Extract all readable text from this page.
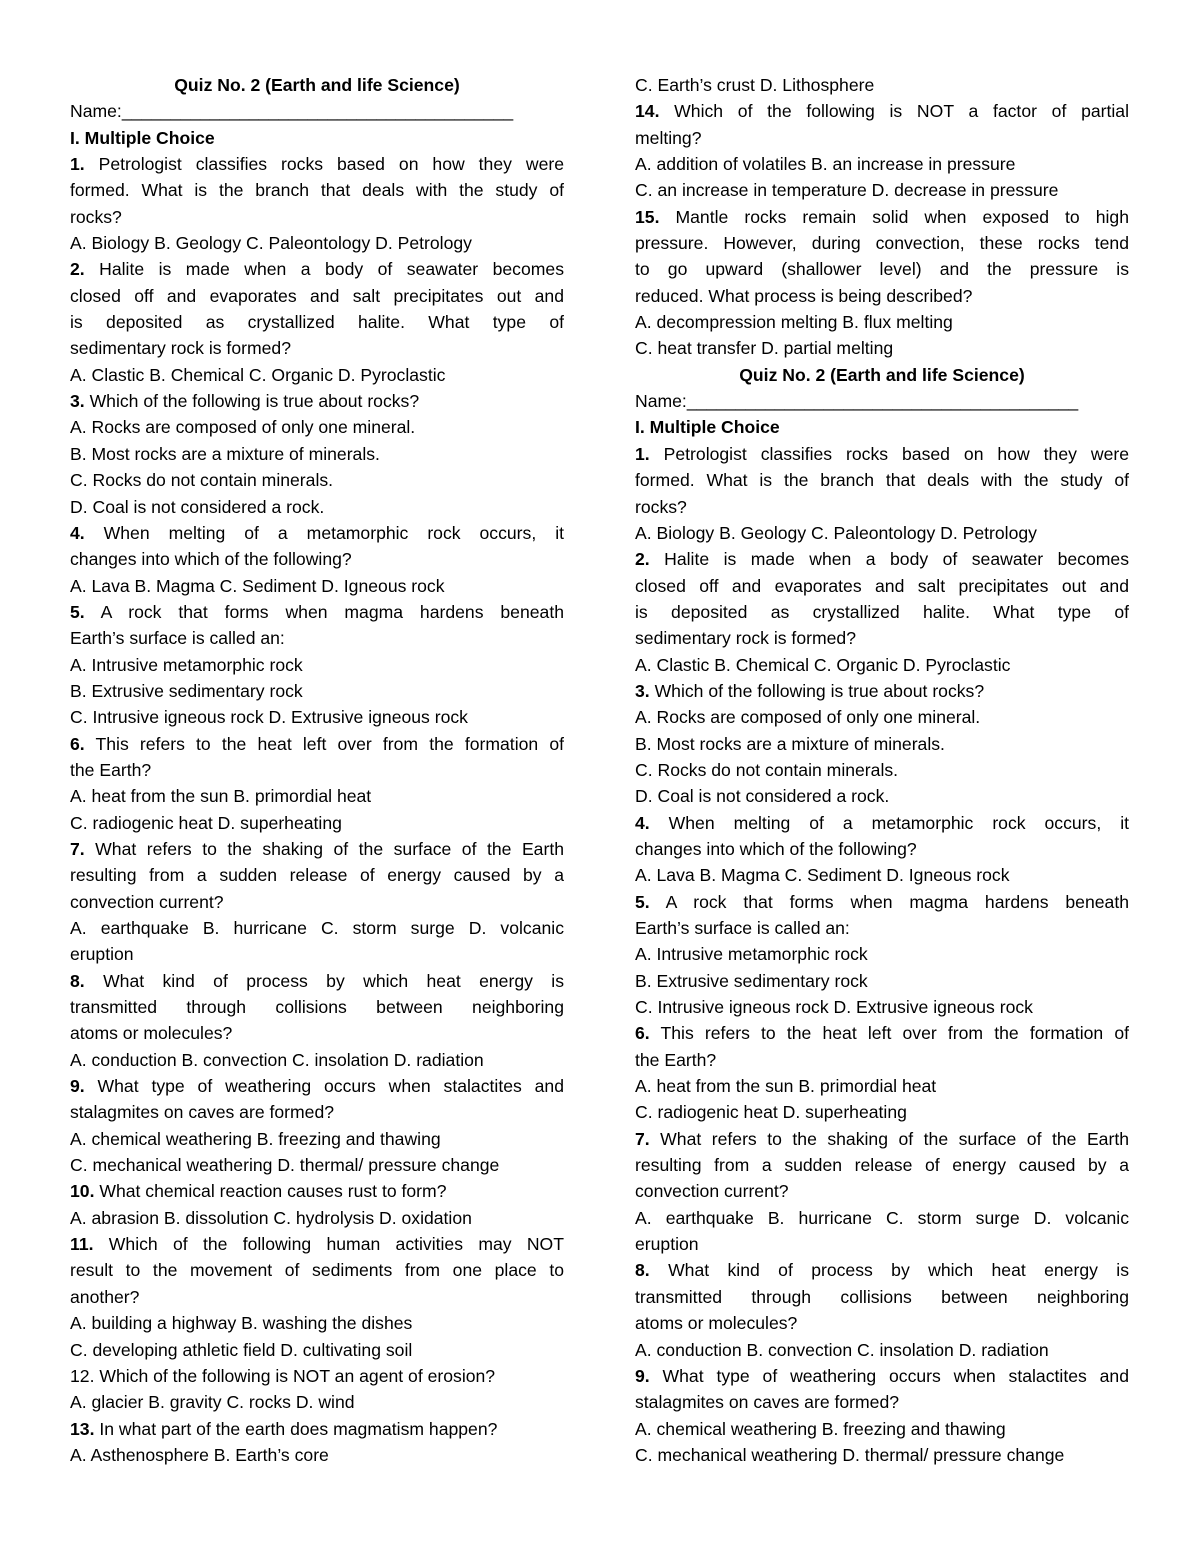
Quiz No. 2 (Earth and life Science)
Name:________________________________________
I. Multiple Choice
1. Petrologist classifies rocks based on how they were
formed. What is the branch that deals with the study of
rocks?
A. Biology B. Geology C. Paleontology D. Petrology
2. Halite is made when a body of seawater becomes
closed off and evaporates and salt precipitates out and
is deposited as crystallized halite. What type of
sedimentary rock is formed?
A. Clastic B. Chemical C. Organic D. Pyroclastic
3. Which of the following is true about rocks?
A. Rocks are composed of only one mineral.
B. Most rocks are a mixture of minerals.
C. Rocks do not contain minerals.
D. Coal is not considered a rock.
4. When melting of a metamorphic rock occurs, it
changes into which of the following?
A. Lava B. Magma C. Sediment D. Igneous rock
5. A rock that forms when magma hardens beneath
Earth’s surface is called an:
A. Intrusive metamorphic rock
B. Extrusive sedimentary rock
C. Intrusive igneous rock D. Extrusive igneous rock
6. This refers to the heat left over from the formation of
the Earth?
A. heat from the sun B. primordial heat
C. radiogenic heat D. superheating
7. What refers to the shaking of the surface of the Earth
resulting from a sudden release of energy caused by a
convection current?
A. earthquake B. hurricane C. storm surge D. volcanic
eruption
8. What kind of process by which heat energy is
transmitted through collisions between neighboring
atoms or molecules?
A. conduction B. convection C. insolation D. radiation
9. What type of weathering occurs when stalactites and
stalagmites on caves are formed?
A. chemical weathering B. freezing and thawing
C. mechanical weathering D. thermal/ pressure change
10. What chemical reaction causes rust to form?
A. abrasion B. dissolution C. hydrolysis D. oxidation
11. Which of the following human activities may NOT
result to the movement of sediments from one place to
another?
A. building a highway B. washing the dishes
C. developing athletic field D. cultivating soil
12. Which of the following is NOT an agent of erosion?
A. glacier B. gravity C. rocks D. wind
13. In what part of the earth does magmatism happen?
A. Asthenosphere B. Earth’s core
C. Earth’s crust D. Lithosphere
14. Which of the following is NOT a factor of partial
melting?
A. addition of volatiles B. an increase in pressure
C. an increase in temperature D. decrease in pressure
15. Mantle rocks remain solid when exposed to high
pressure. However, during convection, these rocks tend
to go upward (shallower level) and the pressure is
reduced. What process is being described?
A. decompression melting B. flux melting
C. heat transfer D. partial melting
Quiz No. 2 (Earth and life Science)
Name:________________________________________
I. Multiple Choice
1. Petrologist classifies rocks based on how they were
formed. What is the branch that deals with the study of
rocks?
A. Biology B. Geology C. Paleontology D. Petrology
2. Halite is made when a body of seawater becomes
closed off and evaporates and salt precipitates out and
is deposited as crystallized halite. What type of
sedimentary rock is formed?
A. Clastic B. Chemical C. Organic D. Pyroclastic
3. Which of the following is true about rocks?
A. Rocks are composed of only one mineral.
B. Most rocks are a mixture of minerals.
C. Rocks do not contain minerals.
D. Coal is not considered a rock.
4. When melting of a metamorphic rock occurs, it
changes into which of the following?
A. Lava B. Magma C. Sediment D. Igneous rock
5. A rock that forms when magma hardens beneath
Earth’s surface is called an:
A. Intrusive metamorphic rock
B. Extrusive sedimentary rock
C. Intrusive igneous rock D. Extrusive igneous rock
6. This refers to the heat left over from the formation of
the Earth?
A. heat from the sun B. primordial heat
C. radiogenic heat D. superheating
7. What refers to the shaking of the surface of the Earth
resulting from a sudden release of energy caused by a
convection current?
A. earthquake B. hurricane C. storm surge D. volcanic
eruption
8. What kind of process by which heat energy is
transmitted through collisions between neighboring
atoms or molecules?
A. conduction B. convection C. insolation D. radiation
9. What type of weathering occurs when stalactites and
stalagmites on caves are formed?
A. chemical weathering B. freezing and thawing
C. mechanical weathering D. thermal/ pressure change
